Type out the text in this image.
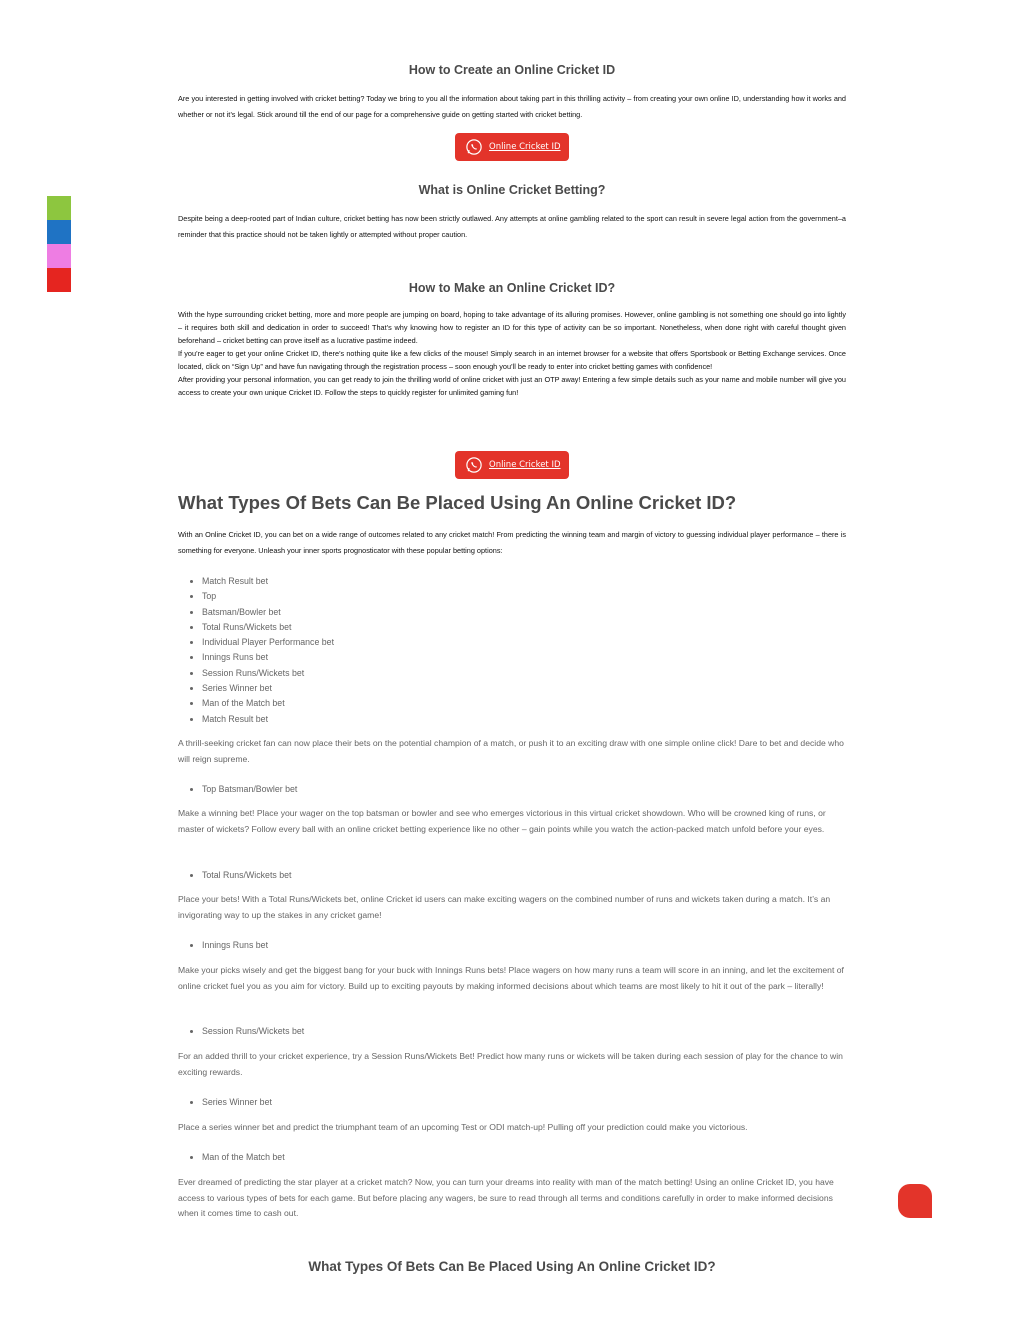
How to Create an Online Cricket ID

Are you interested in getting involved with cricket betting? Today we bring to you all the information about taking part in this thrilling activity – from creating your own online ID, understanding how it works and whether or not it’s legal. Stick around till the end of our page for a comprehensive guide on getting started with cricket betting.

Online Cricket ID
What is Online Cricket Betting?

Despite being a deep-rooted part of Indian culture, cricket betting has now been strictly outlawed. Any attempts at online gambling related to the sport can result in severe legal action from the government–a reminder that this practice should not be taken lightly or attempted without proper caution.

How to Make an Online Cricket ID?

With the hype surrounding cricket betting, more and more people are jumping on board, hoping to take advantage of its alluring promises. However, online gambling is not something one should go into lightly – it requires both skill and dedication in order to succeed! That’s why knowing how to register an ID for this type of activity can be so important. Nonetheless, when done right with careful thought given beforehand – cricket betting can prove itself as a lucrative pastime indeed.

If you’re eager to get your online Cricket ID, there’s nothing quite like a few clicks of the mouse! Simply search in an internet browser for a website that offers Sportsbook or Betting Exchange services. Once located, click on “Sign Up” and have fun navigating through the registration process – soon enough you’ll be ready to enter into cricket betting games with confidence!

After providing your personal information, you can get ready to join the thrilling world of online cricket with just an OTP away! Entering a few simple details such as your name and mobile number will give you access to create your own unique Cricket ID. Follow the steps to quickly register for unlimited gaming fun!

Online Cricket ID
What Types Of Bets Can Be Placed Using An Online Cricket ID?

With an Online Cricket ID, you can bet on a wide range of outcomes related to any cricket match! From predicting the winning team and margin of victory to guessing individual player performance – there is something for everyone. Unleash your inner sports prognosticator with these popular betting options:

• Match Result bet
• Top
• Batsman/Bowler bet
• Total Runs/Wickets bet
• Individual Player Performance bet
• Innings Runs bet
• Session Runs/Wickets bet
• Series Winner bet
• Man of the Match bet
• Match Result bet

A thrill-seeking cricket fan can now place their bets on the potential champion of a match, or push it to an exciting draw with one simple online click! Dare to bet and decide who will reign supreme.

• Top Batsman/Bowler bet

Make a winning bet! Place your wager on the top batsman or bowler and see who emerges victorious in this virtual cricket showdown. Who will be crowned king of runs, or master of wickets? Follow every ball with an online cricket betting experience like no other – gain points while you watch the action-packed match unfold before your eyes.

• Total Runs/Wickets bet

Place your bets! With a Total Runs/Wickets bet, online Cricket id users can make exciting wagers on the combined number of runs and wickets taken during a match. It’s an invigorating way to up the stakes in any cricket game!

• Innings Runs bet

Make your picks wisely and get the biggest bang for your buck with Innings Runs bets! Place wagers on how many runs a team will score in an inning, and let the excitement of online cricket fuel you as you aim for victory. Build up to exciting payouts by making informed decisions about which teams are most likely to hit it out of the park – literally!

• Session Runs/Wickets bet

For an added thrill to your cricket experience, try a Session Runs/Wickets Bet! Predict how many runs or wickets will be taken during each session of play for the chance to win exciting rewards.

• Series Winner bet

Place a series winner bet and predict the triumphant team of an upcoming Test or ODI match-up! Pulling off your prediction could make you victorious.

• Man of the Match bet

Ever dreamed of predicting the star player at a cricket match? Now, you can turn your dreams into reality with man of the match betting! Using an online Cricket ID, you have access to various types of bets for each game. But before placing any wagers, be sure to read through all terms and conditions carefully in order to make informed decisions when it comes time to cash out.

What Types Of Bets Can Be Placed Using An Online Cricket ID?
